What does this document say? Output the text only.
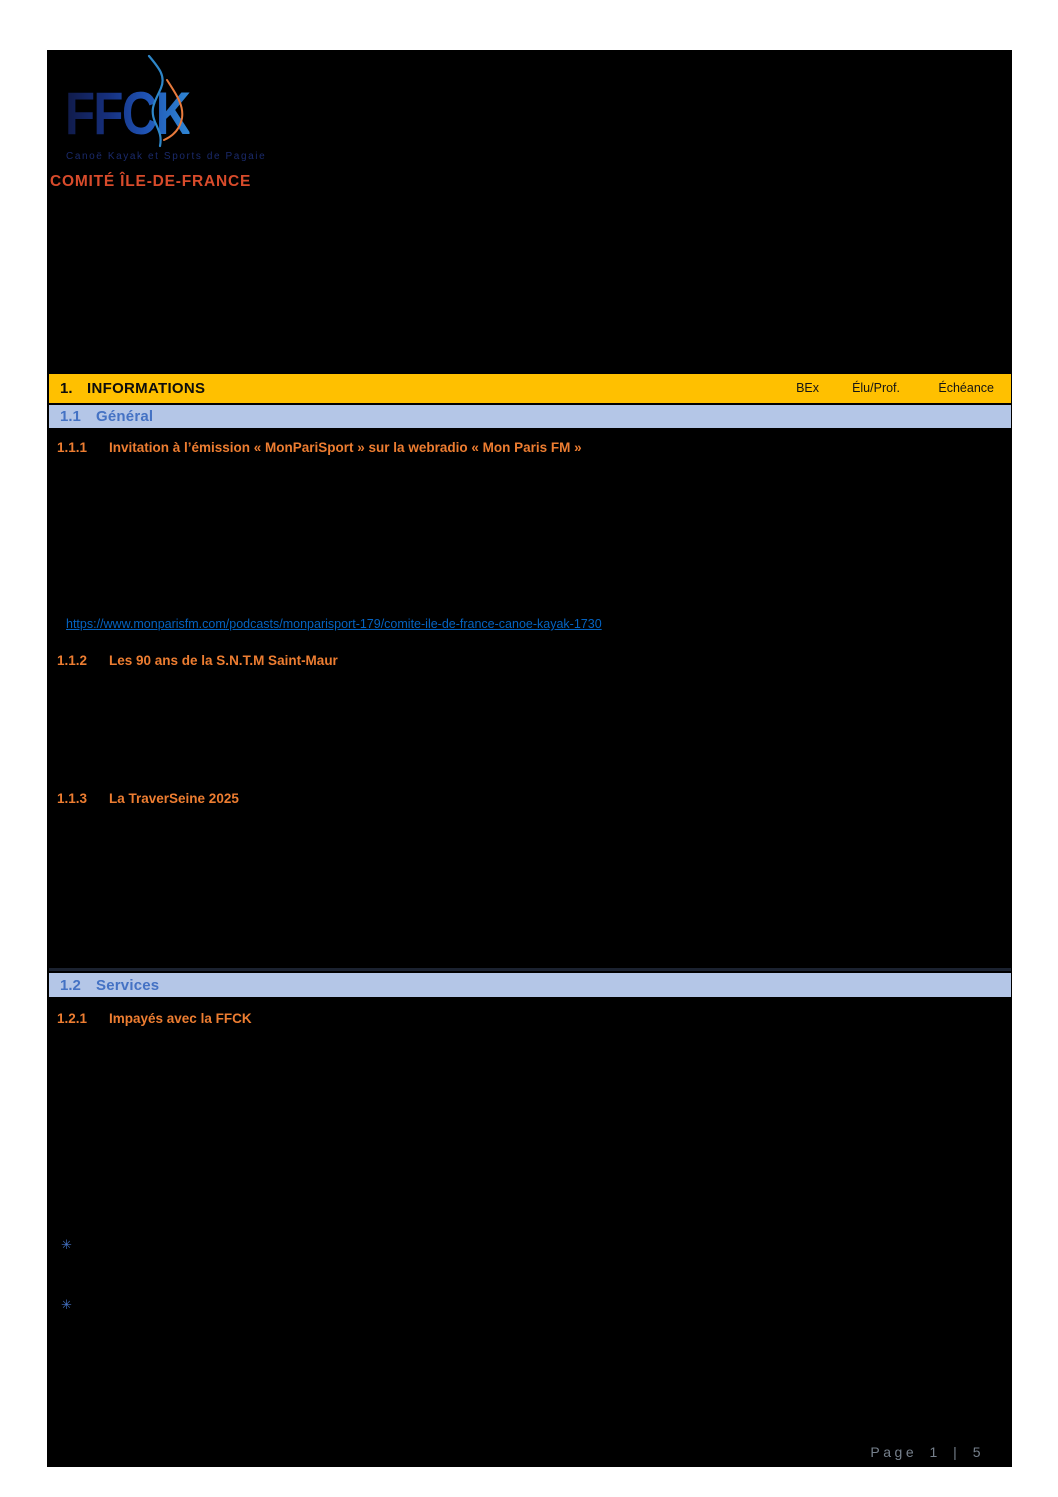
FFCK
Canoë Kayak et Sports de Pagaie
COMITÉ ÎLE-DE-FRANCE
1. INFORMATIONS	BEx	Élu/Prof.	Échéance
1.1 Général
1.1.1 Invitation à l’émission « MonPariSport » sur la webradio « Mon Paris FM »
https://www.monparisfm.com/podcasts/monparisport-179/comite-ile-de-france-canoe-kayak-1730
1.1.2 Les 90 ans de la S.N.T.M Saint-Maur
1.1.3 La TraverSeine 2025
1.2 Services
1.2.1 Impayés avec la FFCK
✳
✳
Page 1 | 5
